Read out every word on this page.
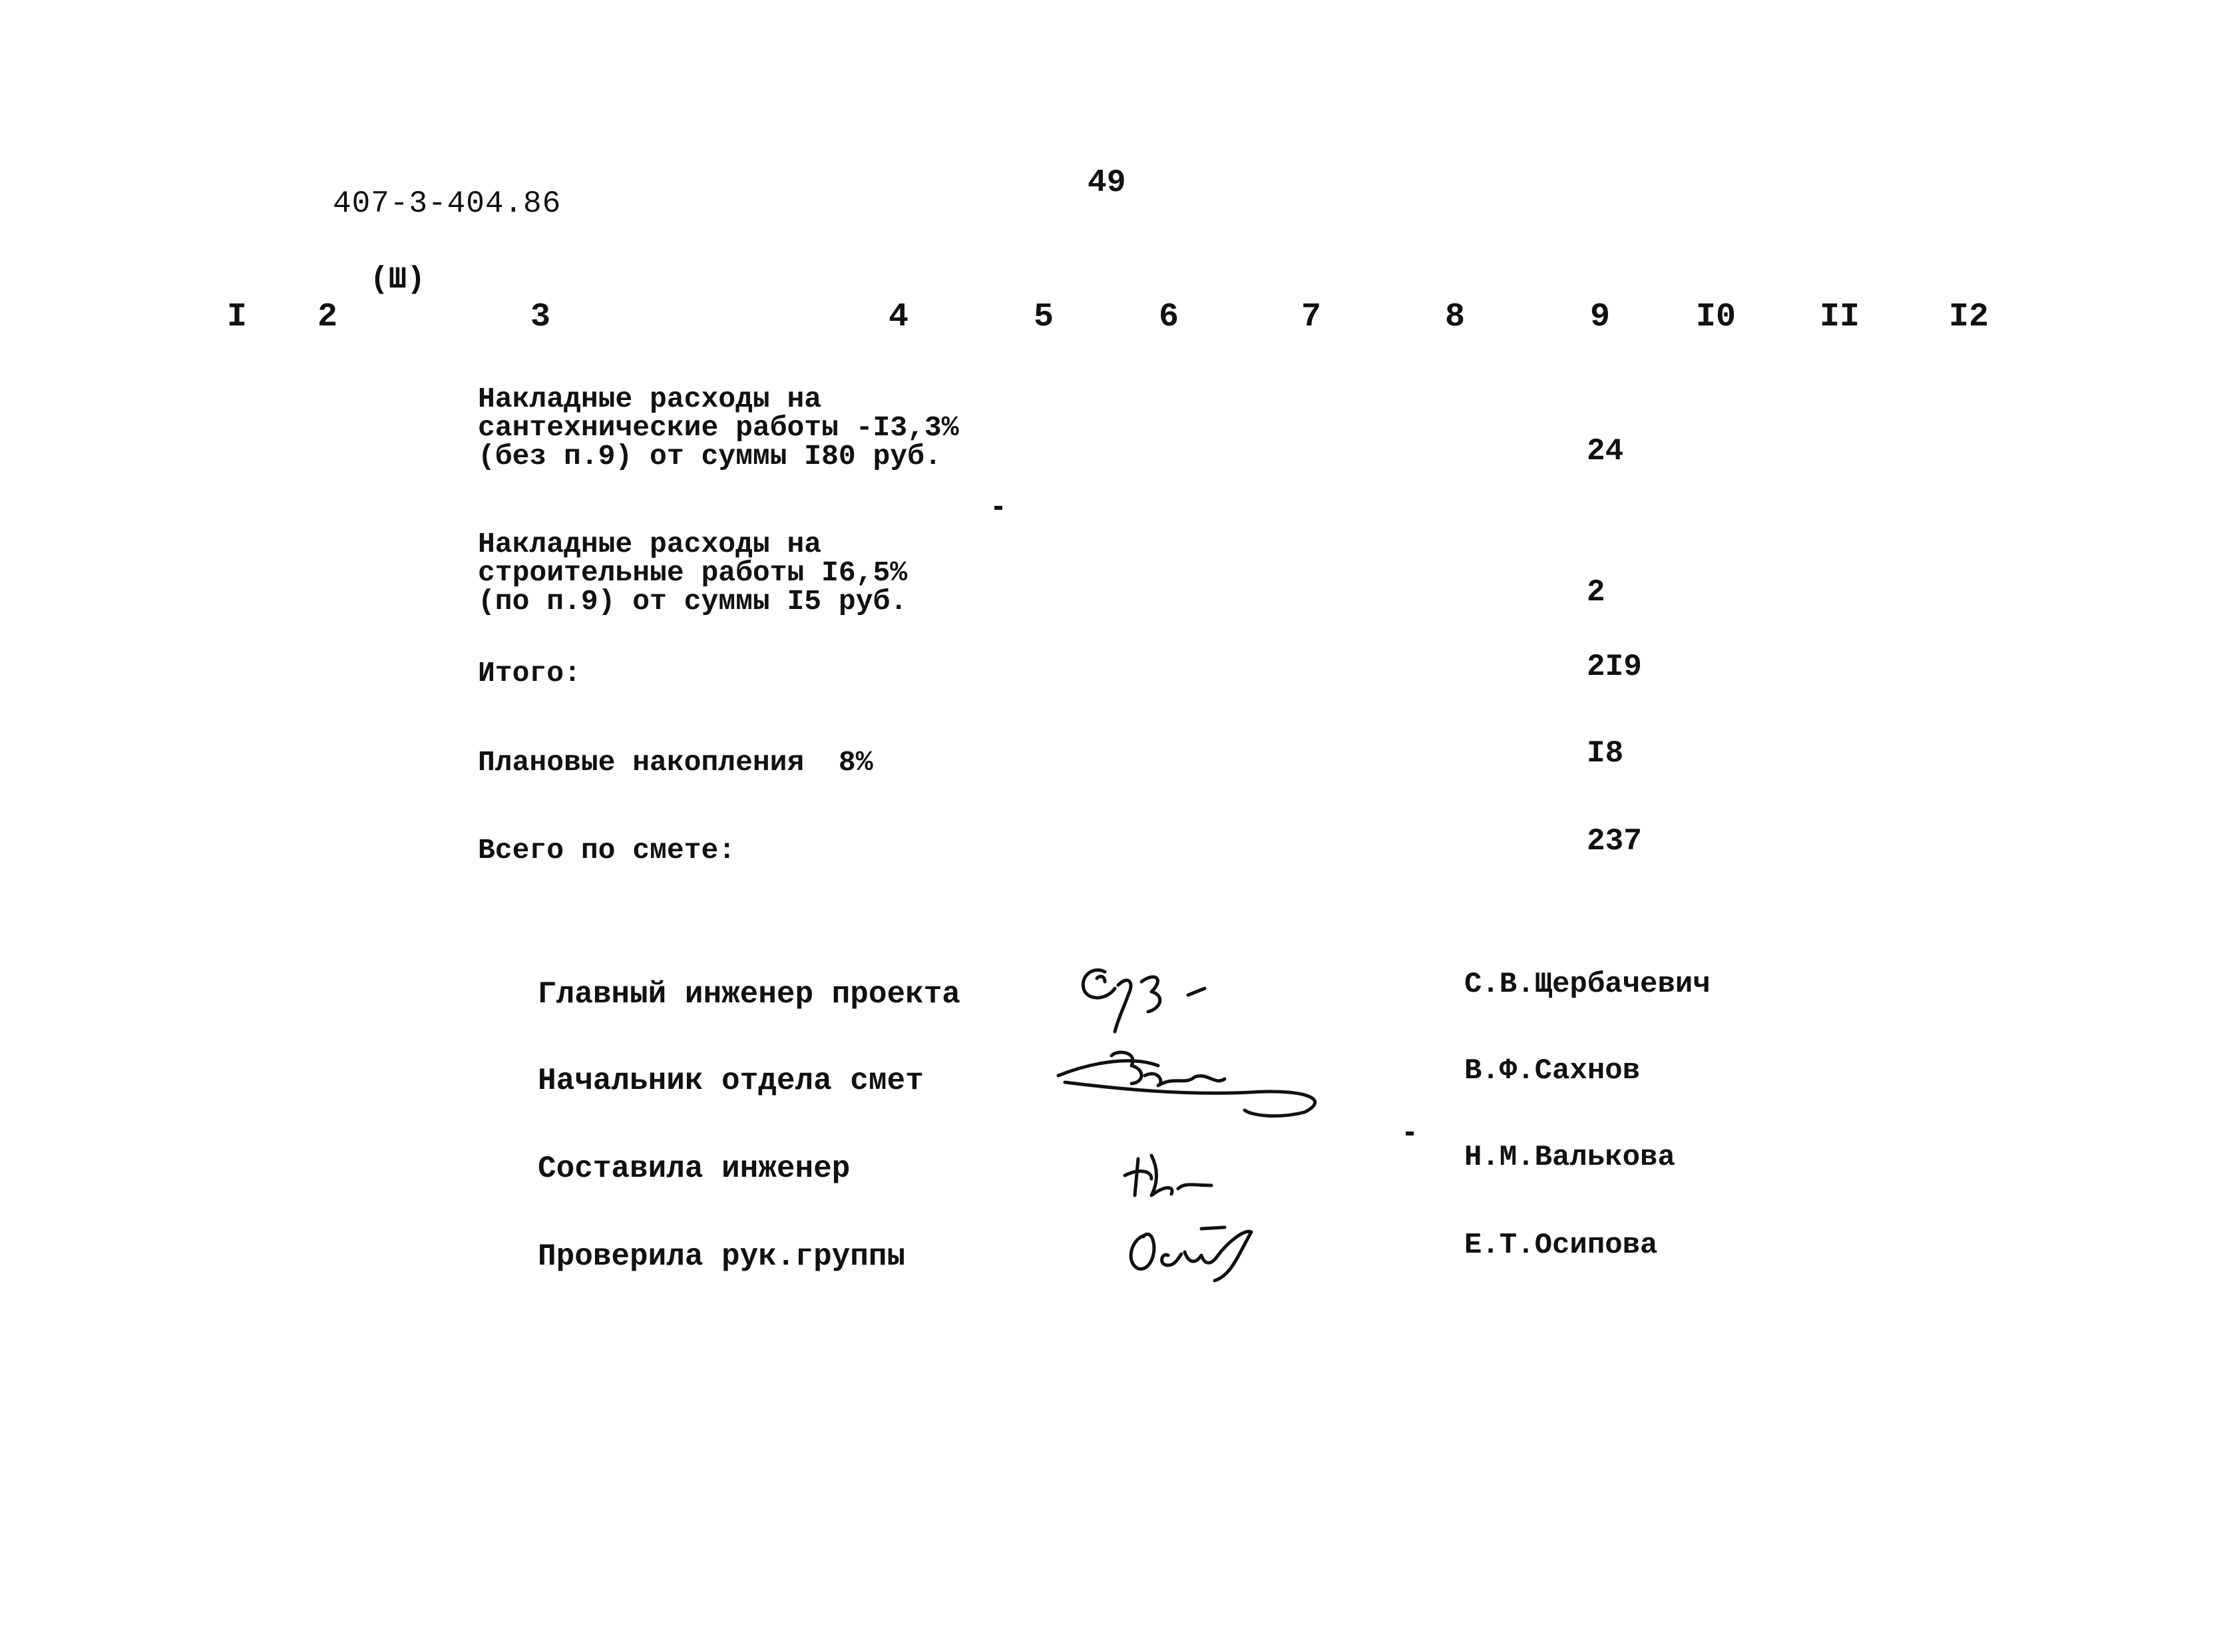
407-3-404.86
49
(Ш)
I 2	3	4	5	6	7	8	9	I0	II	I2
Накладные расходы на
сантехнические работы -I3,3%
(без п.9) от суммы I80 руб.	24
Накладные расходы на
строительные работы I6,5%
(по п.9) от суммы I5 руб.	2
Итого:	2I9
Плановые накопления  8%	I8
Всего по смете:	237
Главный инженер проекта	С.В.Щербачевич
Начальник отдела смет	В.Ф.Сахнов
Составила инженер	Н.М.Валькова
Проверила рук.группы	Е.Т.Осипова
